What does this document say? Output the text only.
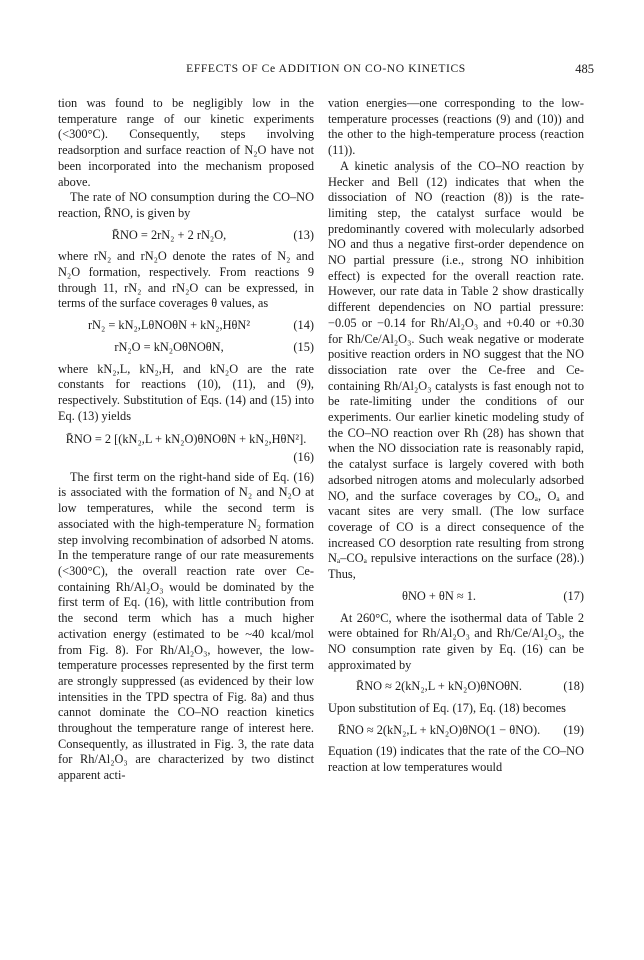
EFFECTS OF Ce ADDITION ON CO-NO KINETICS	485

tion was found to be negligibly low in the temperature range of our kinetic experiments (<300°C). Consequently, steps involving readsorption and surface reaction of N₂O have not been incorporated into the mechanism proposed above.

The rate of NO consumption during the CO–NO reaction, R̄NO, is given by

R̄NO = 2rN₂ + 2 rN₂O,	(13)

where rN₂ and rN₂O denote the rates of N₂ and N₂O formation, respectively. From reactions 9 through 11, rN₂ and rN₂O can be expressed, in terms of the surface coverages θ values, as

rN₂ = kN₂,LθNOθN + kN₂,HθN²	(14)
rN₂O = kN₂OθNOθN,	(15)

where kN₂,L, kN₂,H, and kN₂O are the rate constants for reactions (10), (11), and (9), respectively. Substitution of Eqs. (14) and (15) into Eq. (13) yields

R̄NO = 2 [(kN₂,L + kN₂O)θNOθN + kN₂,HθN²].
(16)

The first term on the right-hand side of Eq. (16) is associated with the formation of N₂ and N₂O at low temperatures, while the second term is associated with the high-temperature N₂ formation step involving recombination of adsorbed N atoms. In the temperature range of our rate measurements (<300°C), the overall reaction rate over Ce-containing Rh/Al₂O₃ would be dominated by the first term of Eq. (16), with little contribution from the second term which has a much higher activation energy (estimated to be ~40 kcal/mol from Fig. 8). For Rh/Al₂O₃, however, the low-temperature processes represented by the first term are strongly suppressed (as evidenced by their low intensities in the TPD spectra of Fig. 8a) and thus cannot dominate the CO–NO reaction kinetics throughout the temperature range of interest here. Consequently, as illustrated in Fig. 3, the rate data for Rh/Al₂O₃ are characterized by two distinct apparent acti-

vation energies—one corresponding to the low-temperature processes (reactions (9) and (10)) and the other to the high-temperature process (reaction (11)).

A kinetic analysis of the CO–NO reaction by Hecker and Bell (12) indicates that when the dissociation of NO (reaction (8)) is the rate-limiting step, the catalyst surface would be predominantly covered with molecularly adsorbed NO and thus a negative first-order dependence on NO partial pressure (i.e., strong NO inhibition effect) is expected for the overall reaction rate. However, our rate data in Table 2 show drastically different dependencies on NO partial pressure: −0.05 or −0.14 for Rh/Al₂O₃ and +0.40 or +0.30 for Rh/Ce/Al₂O₃. Such weak negative or moderate positive reaction orders in NO suggest that the NO dissociation rate over the Ce-free and Ce-containing Rh/Al₂O₃ catalysts is fast enough not to be rate-limiting under the conditions of our experiments. Our earlier kinetic modeling study of the CO–NO reaction over Rh (28) has shown that when the NO dissociation rate is reasonably rapid, the catalyst surface is largely covered with both adsorbed nitrogen atoms and molecularly adsorbed NO, and the surface coverages by COₐ, Oₐ and vacant sites are very small. (The low surface coverage of CO is a direct consequence of the increased CO desorption rate resulting from strong Nₐ–COₐ repulsive interactions on the surface (28).) Thus,

θNO + θN ≈ 1.	(17)

At 260°C, where the isothermal data of Table 2 were obtained for Rh/Al₂O₃ and Rh/Ce/Al₂O₃, the NO consumption rate given by Eq. (16) can be approximated by

R̄NO ≈ 2(kN₂,L + kN₂O)θNOθN.	(18)

Upon substitution of Eq. (17), Eq. (18) becomes

R̄NO ≈ 2(kN₂,L + kN₂O)θNO(1 − θNO).	(19)

Equation (19) indicates that the rate of the CO–NO reaction at low temperatures would
